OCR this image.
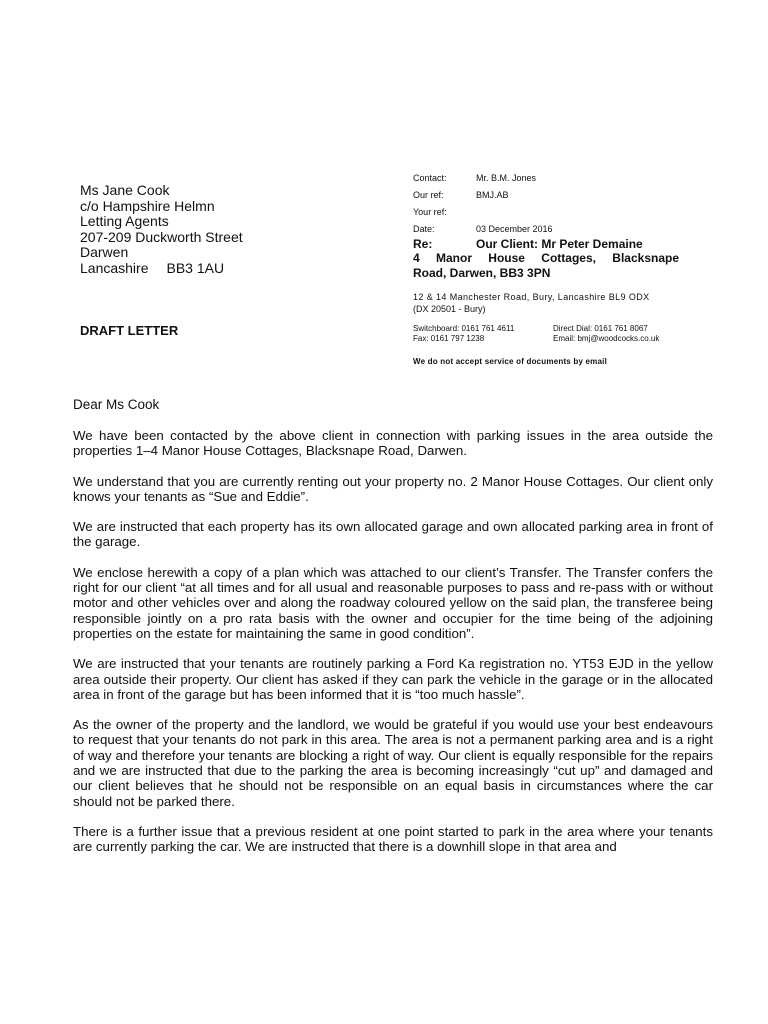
Ms Jane Cook
c/o Hampshire Helmn
Letting Agents
207-209 Duckworth Street
Darwen
Lancashire BB3 1AU
DRAFT LETTER
Contact:	Mr. B.M. Jones
Our ref:	BMJ.AB
Your ref:
Date:	03 December 2016
Re:	Our Client: Mr Peter Demaine
4 Manor House Cottages, Blacksnape
Road, Darwen, BB3 3PN
12 & 14 Manchester Road, Bury, Lancashire BL9 ODX
(DX 20501 - Bury)
Switchboard: 0161 761 4611	Direct Dial: 0161 761 8067
Fax: 0161 797 1238	Email: bmj@woodcocks.co.uk
We do not accept service of documents by email
Dear Ms Cook

We have been contacted by the above client in connection with parking issues in the area outside the properties 1–4 Manor House Cottages, Blacksnape Road, Darwen.

We understand that you are currently renting out your property no. 2 Manor House Cottages. Our client only knows your tenants as “Sue and Eddie”.

We are instructed that each property has its own allocated garage and own allocated parking area in front of the garage.

We enclose herewith a copy of a plan which was attached to our client’s Transfer. The Transfer confers the right for our client “at all times and for all usual and reasonable purposes to pass and re-pass with or without motor and other vehicles over and along the roadway coloured yellow on the said plan, the transferee being responsible jointly on a pro rata basis with the owner and occupier for the time being of the adjoining properties on the estate for maintaining the same in good condition”.

We are instructed that your tenants are routinely parking a Ford Ka registration no. YT53 EJD in the yellow area outside their property. Our client has asked if they can park the vehicle in the garage or in the allocated area in front of the garage but has been informed that it is “too much hassle”.

As the owner of the property and the landlord, we would be grateful if you would use your best endeavours to request that your tenants do not park in this area. The area is not a permanent parking area and is a right of way and therefore your tenants are blocking a right of way. Our client is equally responsible for the repairs and we are instructed that due to the parking the area is becoming increasingly “cut up” and damaged and our client believes that he should not be responsible on an equal basis in circumstances where the car should not be parked there.

There is a further issue that a previous resident at one point started to park in the area where your tenants are currently parking the car. We are instructed that there is a downhill slope in that area and
